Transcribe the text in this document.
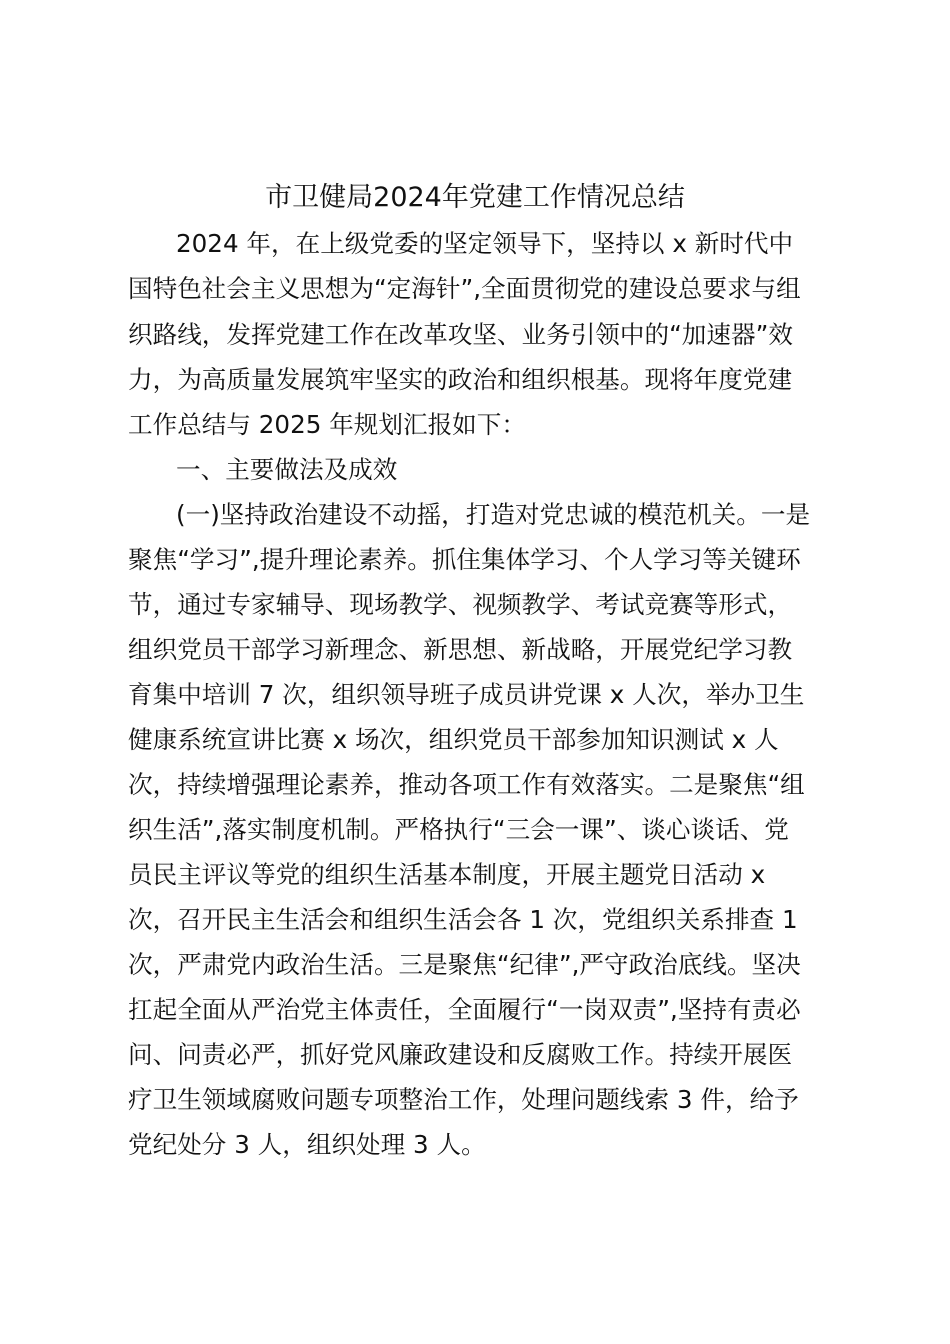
市卫健局2024年党建工作情况总结
2024 年，在上级党委的坚定领导下，坚持以 x 新时代中
国特色社会主义思想为“定海针”,全面贯彻党的建设总要求与组
织路线，发挥党建工作在改革攻坚、业务引领中的“加速器”效
力，为高质量发展筑牢坚实的政治和组织根基。现将年度党建
工作总结与 2025 年规划汇报如下：
一、主要做法及成效
(一)坚持政治建设不动摇，打造对党忠诚的模范机关。一是
聚焦“学习”,提升理论素养。抓住集体学习、个人学习等关键环
节，通过专家辅导、现场教学、视频教学、考试竞赛等形式，
组织党员干部学习新理念、新思想、新战略，开展党纪学习教
育集中培训 7 次，组织领导班子成员讲党课 x 人次，举办卫生
健康系统宣讲比赛 x 场次，组织党员干部参加知识测试 x 人
次，持续增强理论素养，推动各项工作有效落实。二是聚焦“组
织生活”,落实制度机制。严格执行“三会一课”、谈心谈话、党
员民主评议等党的组织生活基本制度，开展主题党日活动 x
次，召开民主生活会和组织生活会各 1 次，党组织关系排查 1
次，严肃党内政治生活。三是聚焦“纪律”,严守政治底线。坚决
扛起全面从严治党主体责任，全面履行“一岗双责”,坚持有责必
问、问责必严，抓好党风廉政建设和反腐败工作。持续开展医
疗卫生领域腐败问题专项整治工作，处理问题线索 3 件，给予
党纪处分 3 人，组织处理 3 人。
